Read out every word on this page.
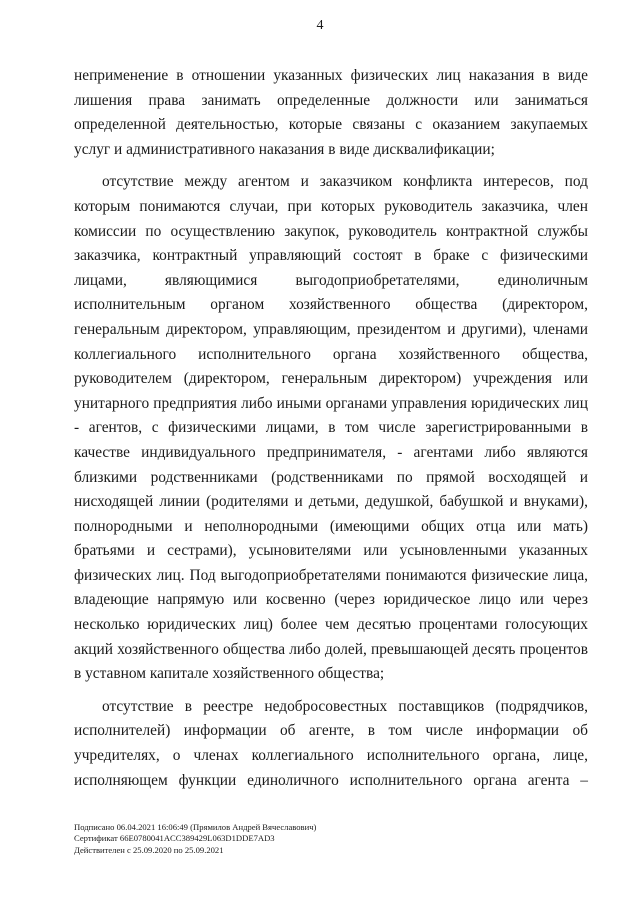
4

неприменение в отношении указанных физических лиц наказания в виде лишения права занимать определенные должности или заниматься определенной деятельностью, которые связаны с оказанием закупаемых услуг и административного наказания в виде дисквалификации;

отсутствие между агентом и заказчиком конфликта интересов, под которым понимаются случаи, при которых руководитель заказчика, член комиссии по осуществлению закупок, руководитель контрактной службы заказчика, контрактный управляющий состоят в браке с физическими лицами, являющимися выгодоприобретателями, единоличным исполнительным органом хозяйственного общества (директором, генеральным директором, управляющим, президентом и другими), членами коллегиального исполнительного органа хозяйственного общества, руководителем (директором, генеральным директором) учреждения или унитарного предприятия либо иными органами управления юридических лиц - агентов, с физическими лицами, в том числе зарегистрированными в качестве индивидуального предпринимателя, - агентами либо являются близкими родственниками (родственниками по прямой восходящей и нисходящей линии (родителями и детьми, дедушкой, бабушкой и внуками), полнородными и неполнородными (имеющими общих отца или мать) братьями и сестрами), усыновителями или усыновленными указанных физических лиц. Под выгодоприобретателями понимаются физические лица, владеющие напрямую или косвенно (через юридическое лицо или через несколько юридических лиц) более чем десятью процентами голосующих акций хозяйственного общества либо долей, превышающей десять процентов в уставном капитале хозяйственного общества;

отсутствие в реестре недобросовестных поставщиков (подрядчиков, исполнителей) информации об агенте, в том числе информации об учредителях, о членах коллегиального исполнительного органа, лице, исполняющем функции единоличного исполнительного органа агента –

Подписано 06.04.2021 16:06:49 (Прямилов Андрей Вячеславович)
Сертификат 66E0780041ACC389429L063D1DDE7AD3
Действителен с 25.09.2020 по 25.09.2021
